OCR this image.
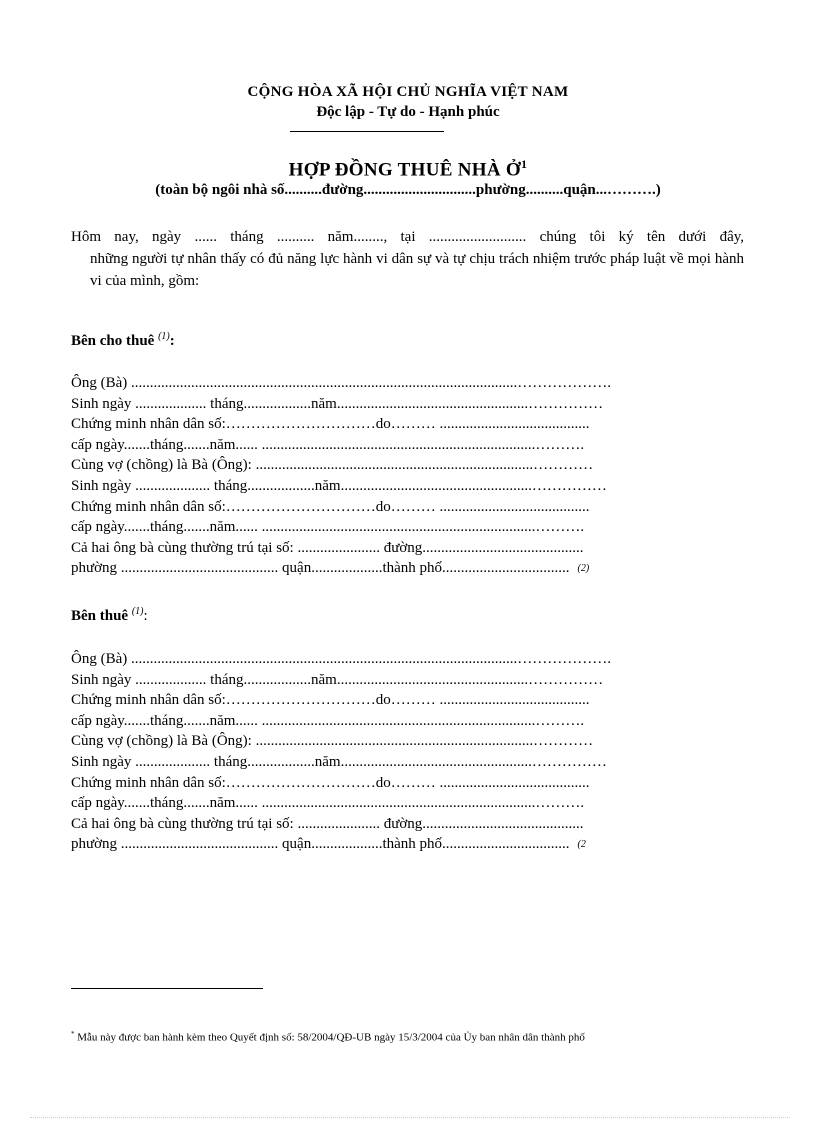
CỘNG HÒA XÃ HỘI CHỦ NGHĨA VIỆT NAM
Độc lập - Tự do - Hạnh phúc
HỢP ĐỒNG THUÊ NHÀ Ở$^1$
(toàn bộ ngôi nhà số..........đường..............................phường..........quận...……….)
Hôm nay, ngày ...... tháng .......... năm........, tại .......................... chúng tôi ký tên dưới đây,
những người tự nhân thấy có đủ năng lực hành vi dân sự và tự chịu trách nhiệm trước pháp luật về mọi hành vi của mình, gồm:
Bên cho thuê $^{(1)}$:
Ông (Bà) .......................................................................................................……………….
Sinh ngày ................... tháng..................năm...................................................……………
Chứng minh nhân dân số:…………………………do……… ........................................
cấp ngày.......tháng.......năm...... .........................................................................……….
Cùng vợ (chồng) là Bà (Ông): ..........................................................................…………
Sinh ngày .................... tháng..................năm...................................................……………
Chứng minh nhân dân số:…………………………do……… ........................................
cấp ngày.......tháng.......năm...... .........................................................................……….
Cả hai ông bà cùng thường trú tại số: ...................... đường...........................................
phường .......................................... quận...................thành phố.................................. (2)
Bên thuê $^{(1)}$:
Ông (Bà) .......................................................................................................……………….
Sinh ngày ................... tháng..................năm...................................................……………
Chứng minh nhân dân số:…………………………do……… ........................................
cấp ngày.......tháng.......năm...... .........................................................................……….
Cùng vợ (chồng) là Bà (Ông): ..........................................................................…………
Sinh ngày .................... tháng..................năm...................................................……………
Chứng minh nhân dân số:…………………………do……… ........................................
cấp ngày.......tháng.......năm...... .........................................................................……….
Cả hai ông bà cùng thường trú tại số: ...................... đường...........................................
phường .......................................... quận...................thành phố.................................. (2
* Mẫu này được ban hành kèm theo Quyết định số: 58/2004/QĐ-UB ngày 15/3/2004 của Ủy ban nhân dân thành phố
